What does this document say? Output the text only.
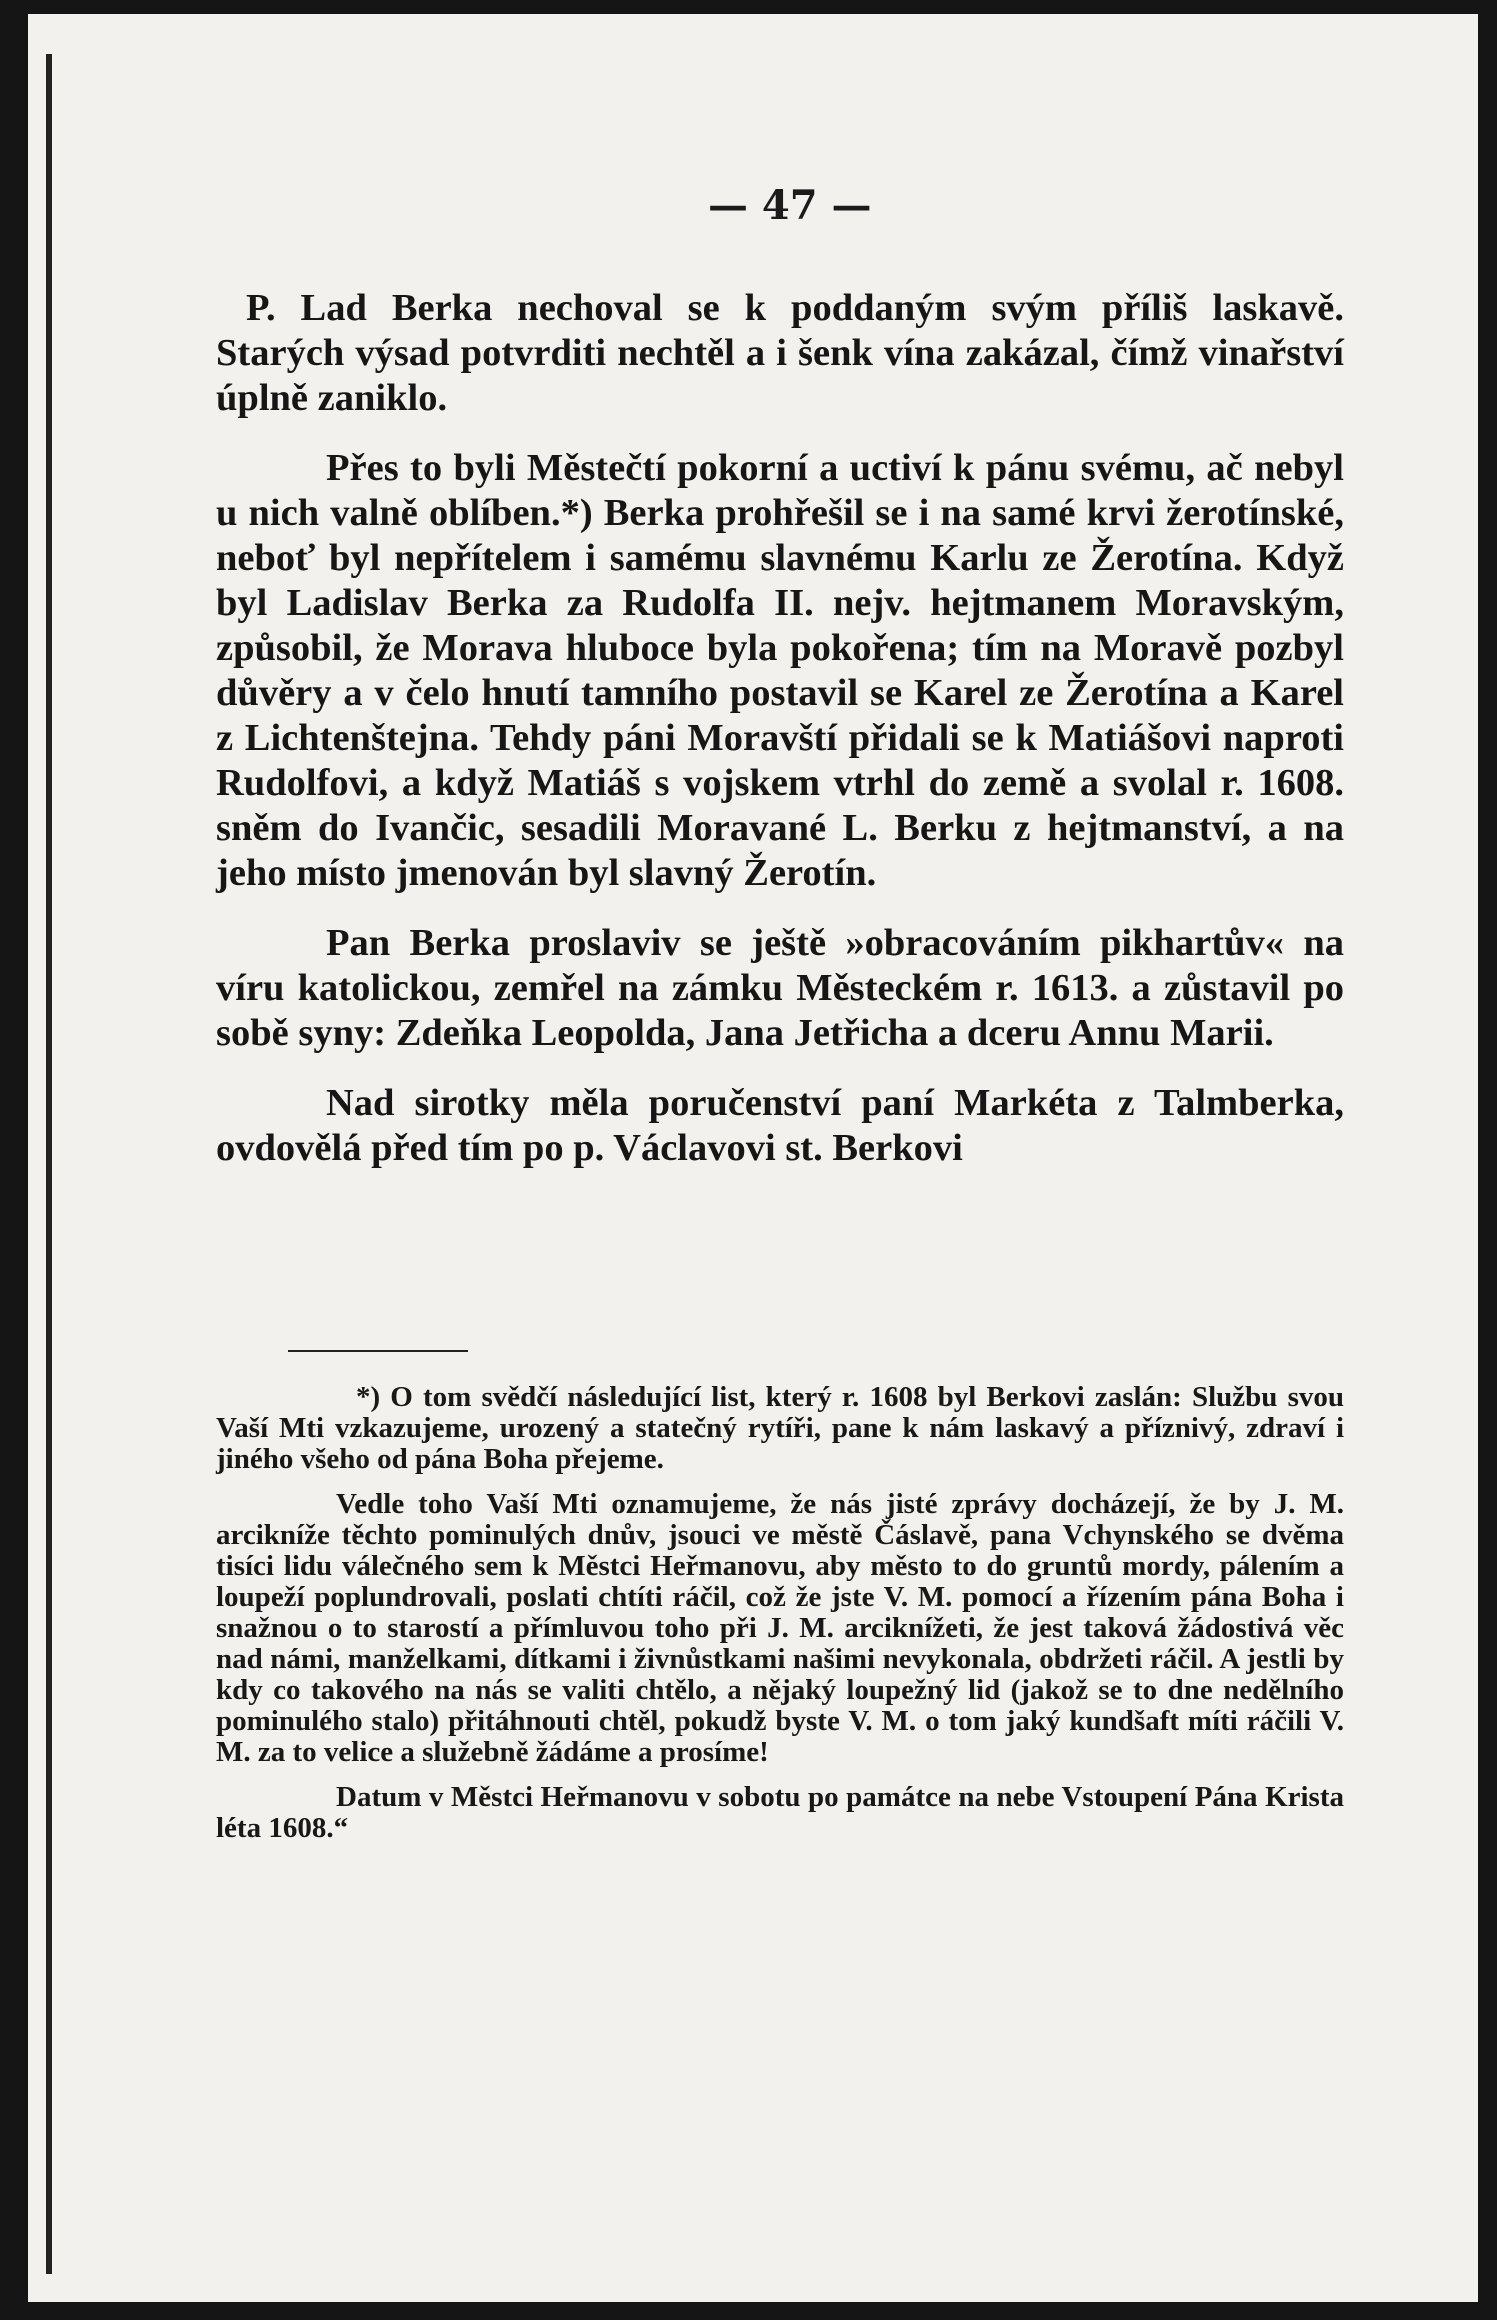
— 47 —

P. Lad Berka nechoval se k poddaným svým příliš laskavě. Starých výsad potvrditi nechtěl a i šenk vína zakázal, čímž vinařství úplně zaniklo.

Přes to byli Městečtí pokorní a uctiví k pánu svému, ač nebyl u nich valně oblíben.*) Berka prohřešil se i na samé krvi žerotínské, neboť byl nepřítelem i samému slavnému Karlu ze Žerotína. Když byl Ladislav Berka za Rudolfa II. nejv. hejtmanem Moravským, způsobil, že Morava hluboce byla pokořena; tím na Moravě pozbyl důvěry a v čelo hnutí tamního postavil se Karel ze Žerotína a Karel z Lichtenštejna. Tehdy páni Moravští přidali se k Matiášovi naproti Rudolfovi, a když Matiáš s vojskem vtrhl do země a svolal r. 1608. sněm do Ivančic, sesadili Moravané L. Berku z hejtmanství, a na jeho místo jmenován byl slavný Žerotín.

Pan Berka proslaviv se ještě »obracováním pikhartův« na víru katolickou, zemřel na zámku Městeckém r. 1613. a zůstavil po sobě syny: Zdeňka Leopolda, Jana Jetřicha a dceru Annu Marii.

Nad sirotky měla poručenství paní Markéta z Talmberka, ovdovělá před tím po p. Václavovi st. Berkovi

*) O tom svědčí následující list, který r. 1608 byl Berkovi zaslán: Službu svou Vaší Mti vzkazujeme, urozený a statečný rytíři, pane k nám laskavý a příznivý, zdraví i jiného všeho od pána Boha přejeme.

Vedle toho Vaší Mti oznamujeme, že nás jisté zprávy docházejí, že by J. M. arcikníže těchto pominulých dnův, jsouci ve městě Čáslavě, pana Vchynského se dvěma tisíci lidu válečného sem k Městci Heřmanovu, aby město to do gruntů mordy, pálením a loupeží poplundrovali, poslati chtíti ráčil, což že jste V. M. pomocí a řízením pána Boha i snažnou o to starostí a přímluvou toho při J. M. arciknížeti, že jest taková žádostivá věc nad námi, manželkami, dítkami i živnůstkami našimi nevykonala, obdržeti ráčil. A jestli by kdy co takového na nás se valiti chtělo, a nějaký loupežný lid (jakož se to dne nedělního pominulého stalo) přitáhnouti chtěl, pokudž byste V. M. o tom jaký kundšaft míti ráčili V. M. za to velice a služebně žádáme a prosíme!

Datum v Městci Heřmanovu v sobotu po památce na nebe Vstoupení Pána Krista léta 1608.“
